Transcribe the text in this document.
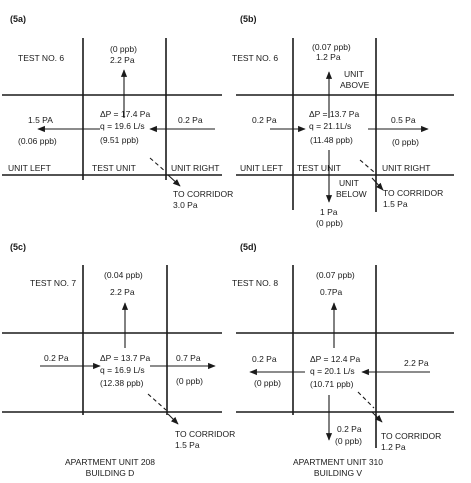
(5a)
TEST NO. 6
(0 ppb)
2.2 Pa
1.5 PA
(0.06 ppb)
0.2 Pa
ΔP = 17.4 Pa
q = 19.6 L/s
(9.51 ppb)
UNIT LEFT	TEST UNIT	UNIT RIGHT
TO CORRIDOR
3.0 Pa
(5b)
TEST NO. 6
(0.07 ppb)
1.2 Pa
UNIT
ABOVE
0.2 Pa	0.5 Pa
(0 ppb)
ΔP = 13.7 Pa
q = 21.1L/s
(11.48 ppb)
UNIT LEFT TEST UNIT	UNIT RIGHT
UNIT
BELOW
1 Pa
(0 ppb)
TO CORRIDOR
1.5 Pa
(5c)
TEST NO. 7
(0.04 ppb)
2.2 Pa
0.2 Pa	0.7 Pa
(0 ppb)
ΔP = 13.7 Pa
q = 16.9 L/s
(12.38 ppb)
TO CORRIDOR
1.5 Pa
APARTMENT UNIT 208
BUILDING D
(5d)
TEST NO. 8
(0.07 ppb)
0.7Pa
0.2 Pa
(0 ppb)
2.2 Pa
ΔP = 12.4 Pa
q = 20.1 L/s
(10.71 ppb)
0.2 Pa
(0 ppb) TO CORRIDOR
1.2 Pa
APARTMENT UNIT 310
BUILDING V
